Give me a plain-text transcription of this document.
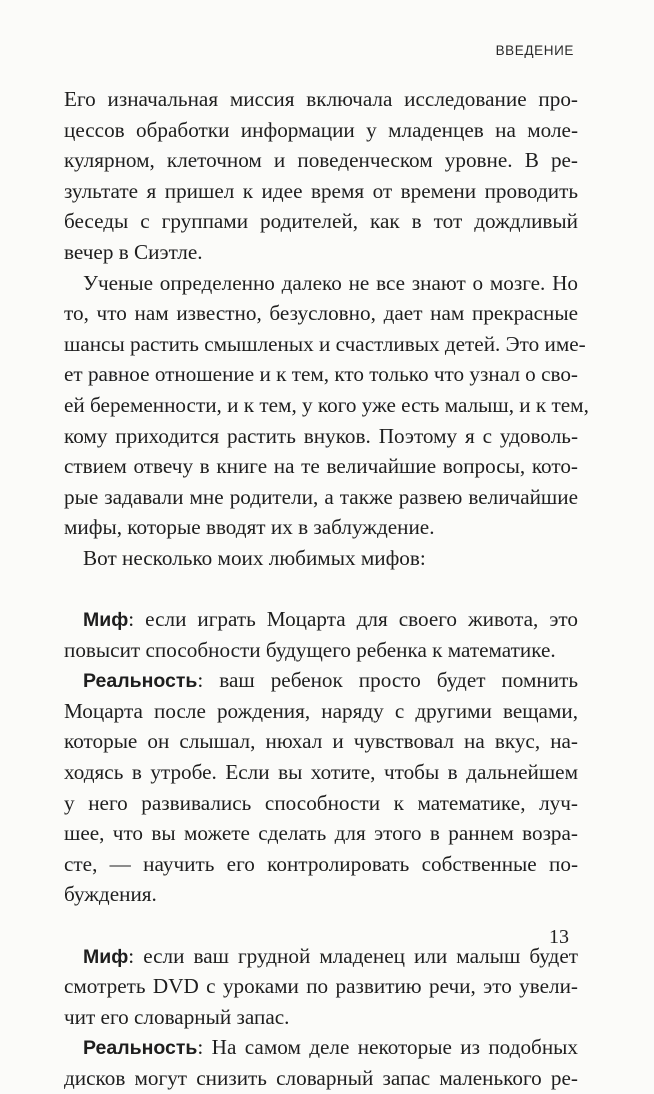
ВВЕДЕНИЕ
Его изначальная миссия включала исследование про-
цессов обработки информации у младенцев на моле-
кулярном, клеточном и поведенческом уровне. В ре-
зультате я пришел к идее время от времени проводить
беседы с группами родителей, как в тот дождливый
вечер в Сиэтле.
Ученые определенно далеко не все знают о мозге. Но
то, что нам известно, безусловно, дает нам прекрасные
шансы растить смышленых и счастливых детей. Это име-
ет равное отношение и к тем, кто только что узнал о сво-
ей беременности, и к тем, у кого уже есть малыш, и к тем,
кому приходится растить внуков. Поэтому я с удоволь-
ствием отвечу в книге на те величайшие вопросы, кото-
рые задавали мне родители, а также развею величайшие
мифы, которые вводят их в заблуждение.
Вот несколько моих любимых мифов:
Миф: если играть Моцарта для своего живота, это
повысит способности будущего ребенка к математике.
Реальность: ваш ребенок просто будет помнить
Моцарта после рождения, наряду с другими вещами,
которые он слышал, нюхал и чувствовал на вкус, на-
ходясь в утробе. Если вы хотите, чтобы в дальнейшем
у него развивались способности к математике, луч-
шее, что вы можете сделать для этого в раннем возра-
сте, — научить его контролировать собственные по-
буждения.
Миф: если ваш грудной младенец или малыш будет
смотреть DVD с уроками по развитию речи, это увели-
чит его словарный запас.
Реальность: На самом деле некоторые из подобных
дисков могут снизить словарный запас маленького ре-
13
